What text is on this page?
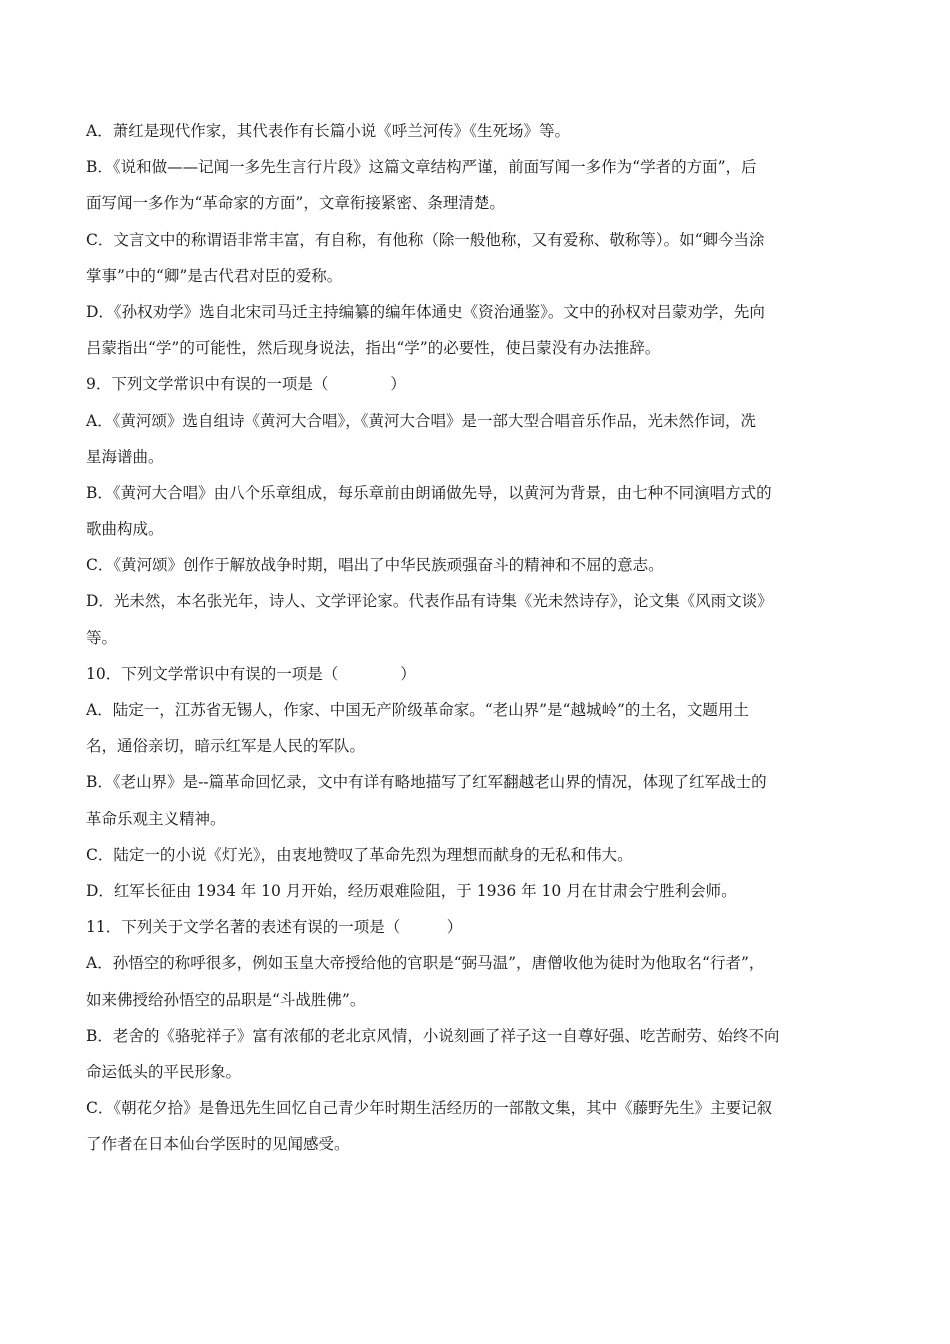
A．萧红是现代作家，其代表作有长篇小说《呼兰河传》《生死场》等。
B．《说和做——记闻一多先生言行片段》这篇文章结构严谨，前面写闻一多作为“学者的方面”，后
面写闻一多作为“革命家的方面”，文章衔接紧密、条理清楚。
C．文言文中的称谓语非常丰富，有自称，有他称（除一般他称，又有爱称、敬称等）。如“卿今当涂
掌事”中的“卿”是古代君对臣的爱称。
D．《孙权劝学》选自北宋司马迁主持编纂的编年体通史《资治通鉴》。文中的孙权对吕蒙劝学，先向
吕蒙指出“学”的可能性，然后现身说法，指出“学”的必要性，使吕蒙没有办法推辞。
9．下列文学常识中有误的一项是（　　　　）
A．《黄河颂》选自组诗《黄河大合唱》，《黄河大合唱》是一部大型合唱音乐作品，光未然作词，冼
星海谱曲。
B．《黄河大合唱》由八个乐章组成，每乐章前由朗诵做先导，以黄河为背景，由七种不同演唱方式的
歌曲构成。
C．《黄河颂》创作于解放战争时期，唱出了中华民族顽强奋斗的精神和不屈的意志。
D．光未然，本名张光年，诗人、文学评论家。代表作品有诗集《光未然诗存》，论文集《风雨文谈》
等。
10．下列文学常识中有误的一项是（　　　　）
A．陆定一，江苏省无锡人，作家、中国无产阶级革命家。“老山界”是“越城岭”的土名，文题用土
名，通俗亲切，暗示红军是人民的军队。
B．《老山界》是--篇革命回忆录，文中有详有略地描写了红军翻越老山界的情况，体现了红军战士的
革命乐观主义精神。
C．陆定一的小说《灯光》，由衷地赞叹了革命先烈为理想而献身的无私和伟大。
D．红军长征由 1934 年 10 月开始，经历艰难险阻，于 1936 年 10 月在甘肃会宁胜利会师。
11．下列关于文学名著的表述有误的一项是（　　　）
A．孙悟空的称呼很多，例如玉皇大帝授给他的官职是“弼马温”，唐僧收他为徒时为他取名“行者”，
如来佛授给孙悟空的品职是“斗战胜佛”。
B．老舍的《骆驼祥子》富有浓郁的老北京风情，小说刻画了祥子这一自尊好强、吃苦耐劳、始终不向
命运低头的平民形象。
C．《朝花夕拾》是鲁迅先生回忆自己青少年时期生活经历的一部散文集，其中《藤野先生》主要记叙
了作者在日本仙台学医时的见闻感受。
